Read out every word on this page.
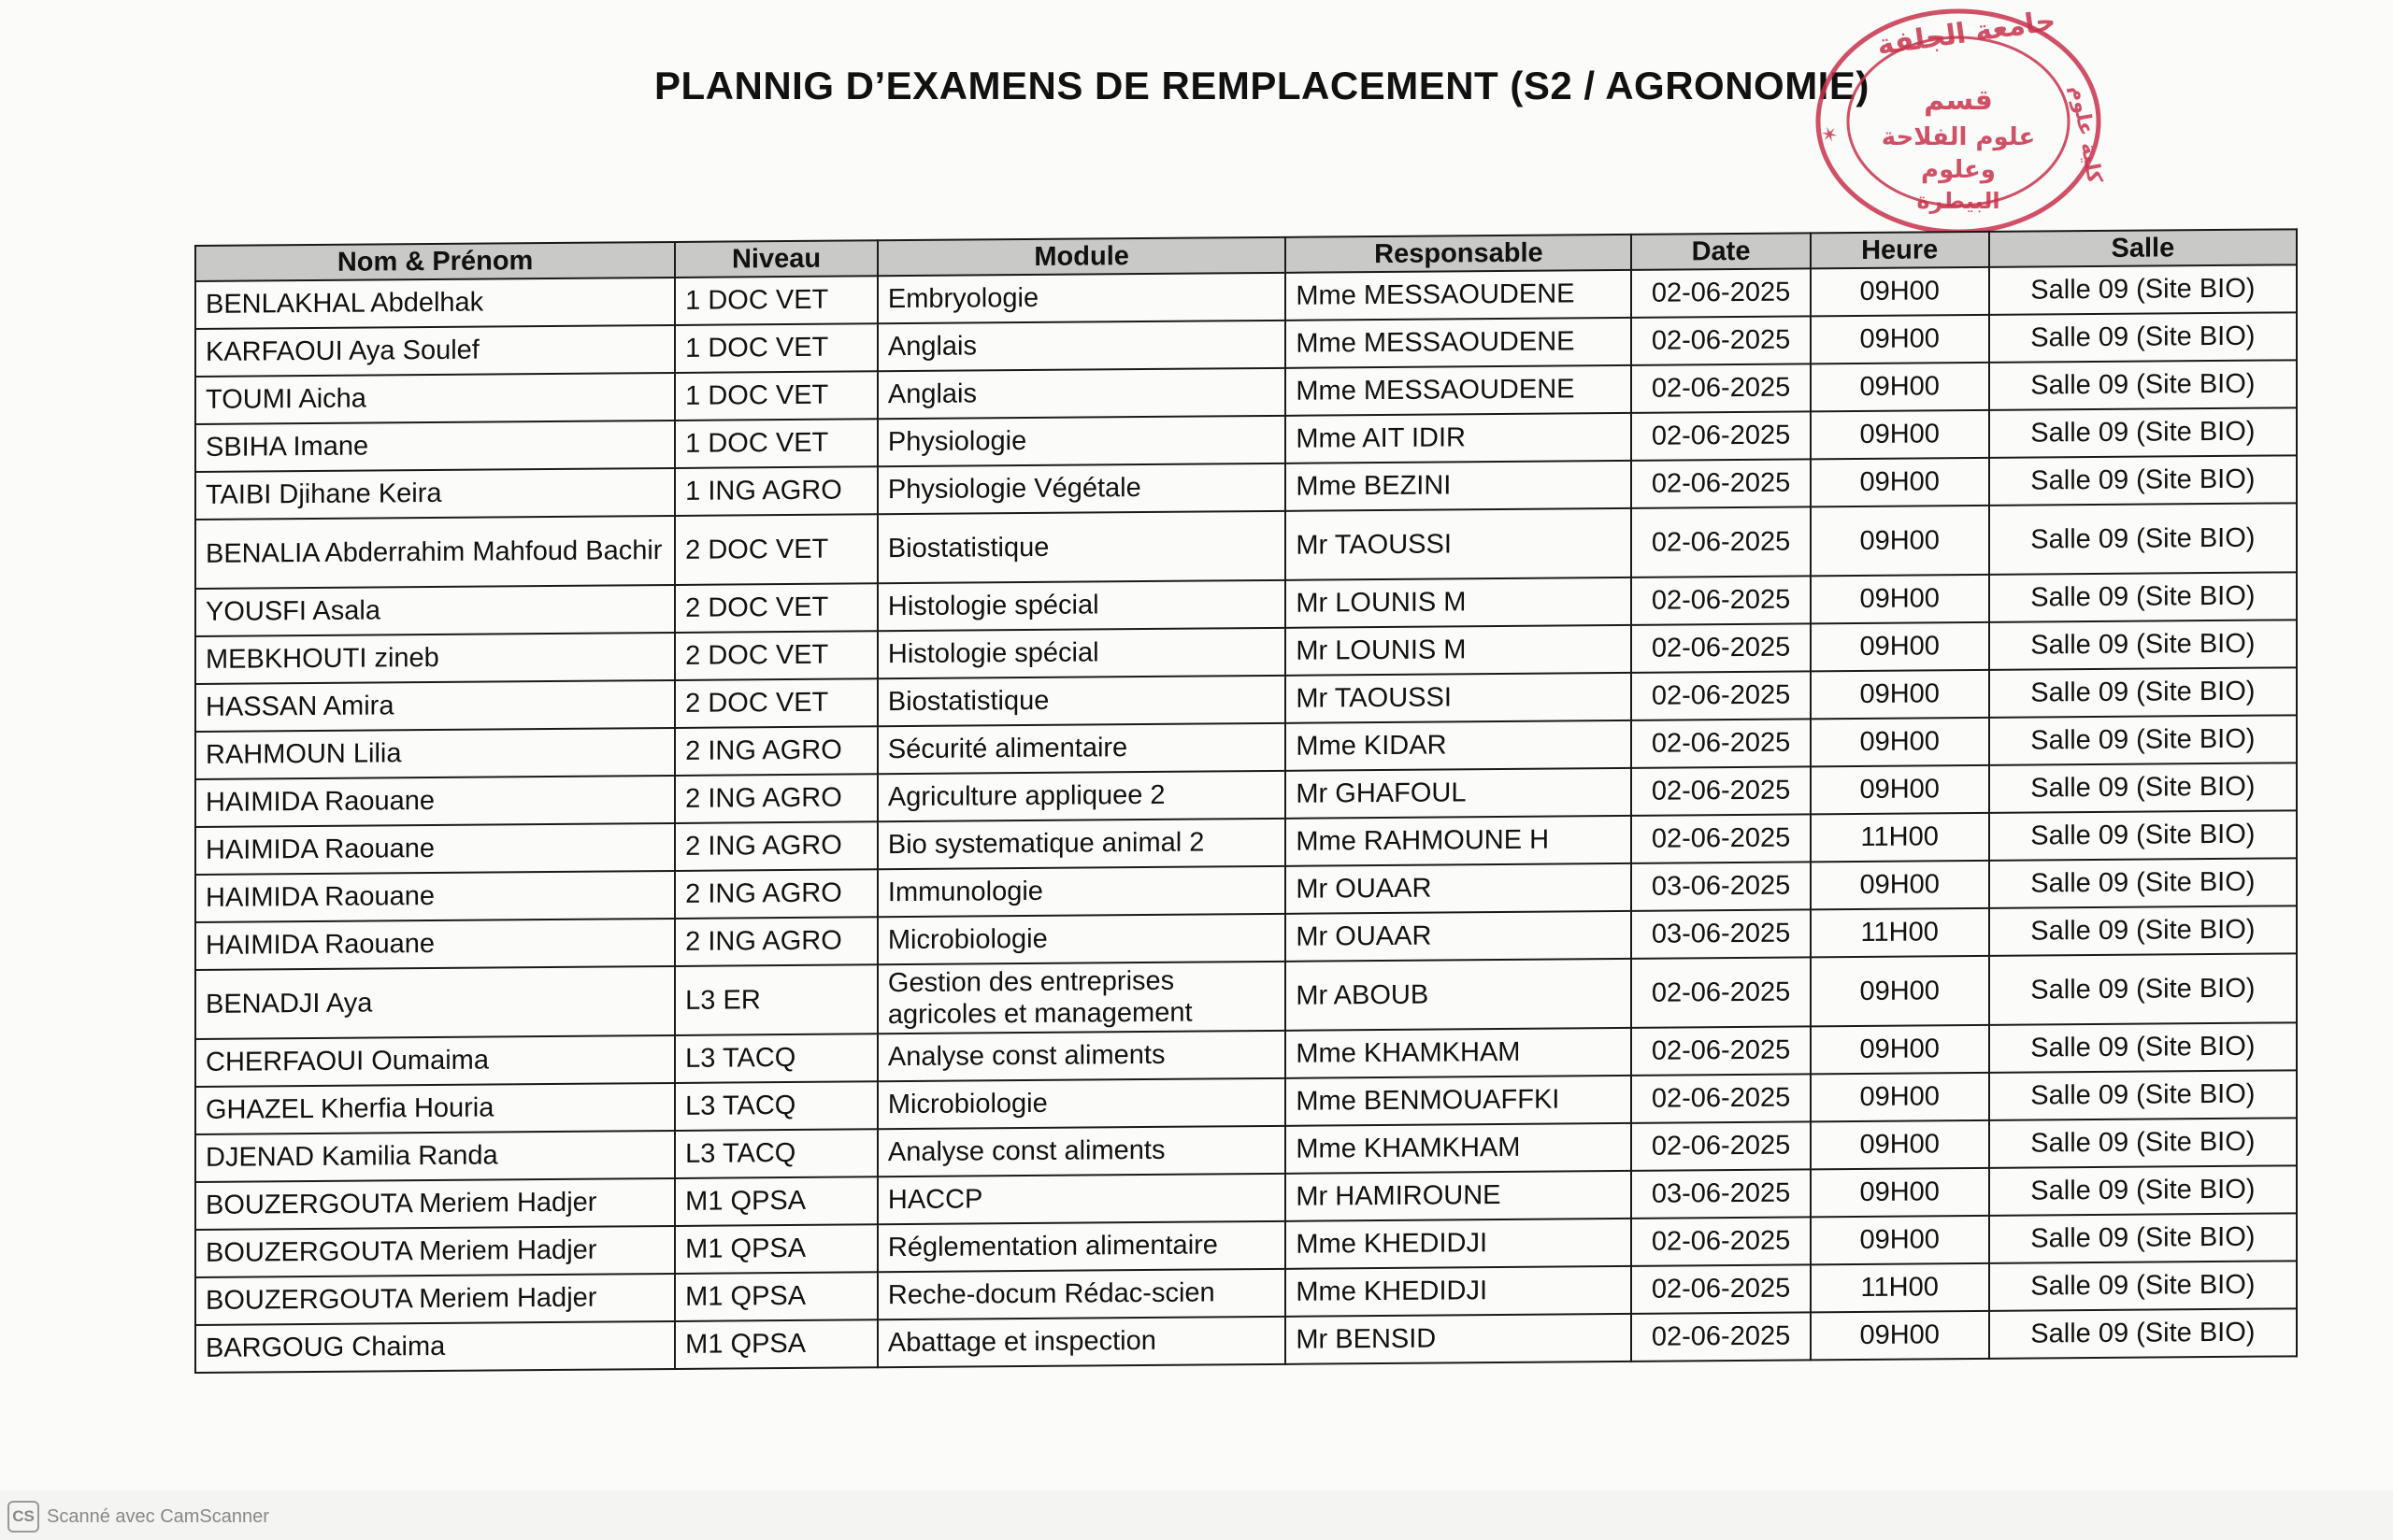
PLANNIG D’EXAMENS DE REMPLACEMENT (S2 / AGRONOMIE)
جامعة الجلفة
قسم
علوم الفلاحة
وعلوم
البيطرة
✶	كلية علوم
Nom & Prénom	Niveau	Module	Responsable	Date	Heure	Salle
BENLAKHAL Abdelhak	1 DOC VET	Embryologie	Mme MESSAOUDENE	02-06-2025	09H00	Salle 09 (Site BIO)
KARFAOUI Aya Soulef	1 DOC VET	Anglais	Mme MESSAOUDENE	02-06-2025	09H00	Salle 09 (Site BIO)
TOUMI Aicha	1 DOC VET	Anglais	Mme MESSAOUDENE	02-06-2025	09H00	Salle 09 (Site BIO)
SBIHA Imane	1 DOC VET	Physiologie	Mme AIT IDIR	02-06-2025	09H00	Salle 09 (Site BIO)
TAIBI Djihane Keira	1 ING AGRO	Physiologie Végétale	Mme BEZINI	02-06-2025	09H00	Salle 09 (Site BIO)
BENALIA Abderrahim Mahfoud Bachir	2 DOC VET	Biostatistique	Mr TAOUSSI	02-06-2025	09H00	Salle 09 (Site BIO)
YOUSFI Asala	2 DOC VET	Histologie spécial	Mr LOUNIS M	02-06-2025	09H00	Salle 09 (Site BIO)
MEBKHOUTI zineb	2 DOC VET	Histologie spécial	Mr LOUNIS M	02-06-2025	09H00	Salle 09 (Site BIO)
HASSAN Amira	2 DOC VET	Biostatistique	Mr TAOUSSI	02-06-2025	09H00	Salle 09 (Site BIO)
RAHMOUN Lilia	2 ING AGRO	Sécurité alimentaire	Mme KIDAR	02-06-2025	09H00	Salle 09 (Site BIO)
HAIMIDA Raouane	2 ING AGRO	Agriculture appliquee 2	Mr GHAFOUL	02-06-2025	09H00	Salle 09 (Site BIO)
HAIMIDA Raouane	2 ING AGRO	Bio systematique animal 2	Mme RAHMOUNE H	02-06-2025	11H00	Salle 09 (Site BIO)
HAIMIDA Raouane	2 ING AGRO	Immunologie	Mr OUAAR	03-06-2025	09H00	Salle 09 (Site BIO)
HAIMIDA Raouane	2 ING AGRO	Microbiologie	Mr OUAAR	03-06-2025	11H00	Salle 09 (Site BIO)
BENADJI Aya	L3 ER	Gestion des entreprises agricoles et management	Mr ABOUB	02-06-2025	09H00	Salle 09 (Site BIO)
CHERFAOUI Oumaima	L3 TACQ	Analyse const aliments	Mme KHAMKHAM	02-06-2025	09H00	Salle 09 (Site BIO)
GHAZEL Kherfia Houria	L3 TACQ	Microbiologie	Mme BENMOUAFFKI	02-06-2025	09H00	Salle 09 (Site BIO)
DJENAD Kamilia Randa	L3 TACQ	Analyse const aliments	Mme KHAMKHAM	02-06-2025	09H00	Salle 09 (Site BIO)
BOUZERGOUTA Meriem Hadjer	M1 QPSA	HACCP	Mr HAMIROUNE	03-06-2025	09H00	Salle 09 (Site BIO)
BOUZERGOUTA Meriem Hadjer	M1 QPSA	Réglementation alimentaire	Mme KHEDIDJI	02-06-2025	09H00	Salle 09 (Site BIO)
BOUZERGOUTA Meriem Hadjer	M1 QPSA	Reche-docum Rédac-scien	Mme KHEDIDJI	02-06-2025	11H00	Salle 09 (Site BIO)
BARGOUG Chaima	M1 QPSA	Abattage et inspection	Mr BENSID	02-06-2025	09H00	Salle 09 (Site BIO)
CS Scanné avec CamScanner
